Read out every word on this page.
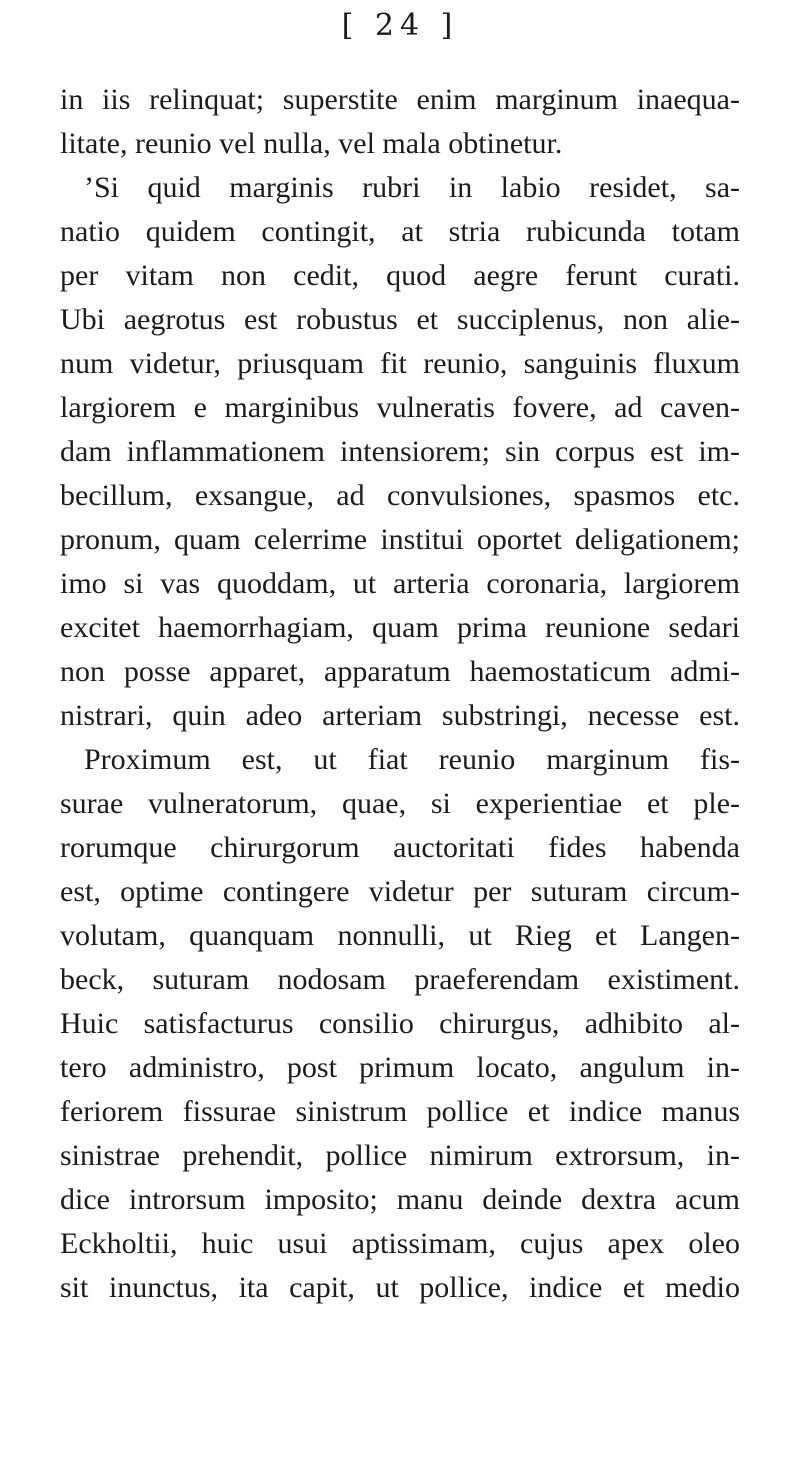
[ 24 ]
in iis relinquat; superstite enim marginum inaequa-
litate, reunio vel nulla, vel mala obtinetur.
’Si quid marginis rubri in labio residet, sa-
natio quidem contingit, at stria rubicunda totam
per vitam non cedit, quod aegre ferunt curati.
Ubi aegrotus est robustus et succiplenus, non alie-
num videtur, priusquam fit reunio, sanguinis fluxum
largiorem e marginibus vulneratis fovere, ad caven-
dam inflammationem intensiorem; sin corpus est im-
becillum, exsangue, ad convulsiones, spasmos etc.
pronum, quam celerrime institui oportet deligationem;
imo si vas quoddam, ut arteria coronaria, largiorem
excitet haemorrhagiam, quam prima reunione sedari
non posse apparet, apparatum haemostaticum admi-
nistrari, quin adeo arteriam substringi, necesse est.
Proximum est, ut fiat reunio marginum fis-
surae vulneratorum, quae, si experientiae et ple-
rorumque chirurgorum auctoritati fides habenda
est, optime contingere videtur per suturam circum-
volutam, quanquam nonnulli, ut Rieg et Langen-
beck, suturam nodosam praeferendam existiment.
Huic satisfacturus consilio chirurgus, adhibito al-
tero administro, post primum locato, angulum in-
feriorem fissurae sinistrum pollice et indice manus
sinistrae prehendit, pollice nimirum extrorsum, in-
dice introrsum imposito; manu deinde dextra acum
Eckholtii, huic usui aptissimam, cujus apex oleo
sit inunctus, ita capit, ut pollice, indice et medio
